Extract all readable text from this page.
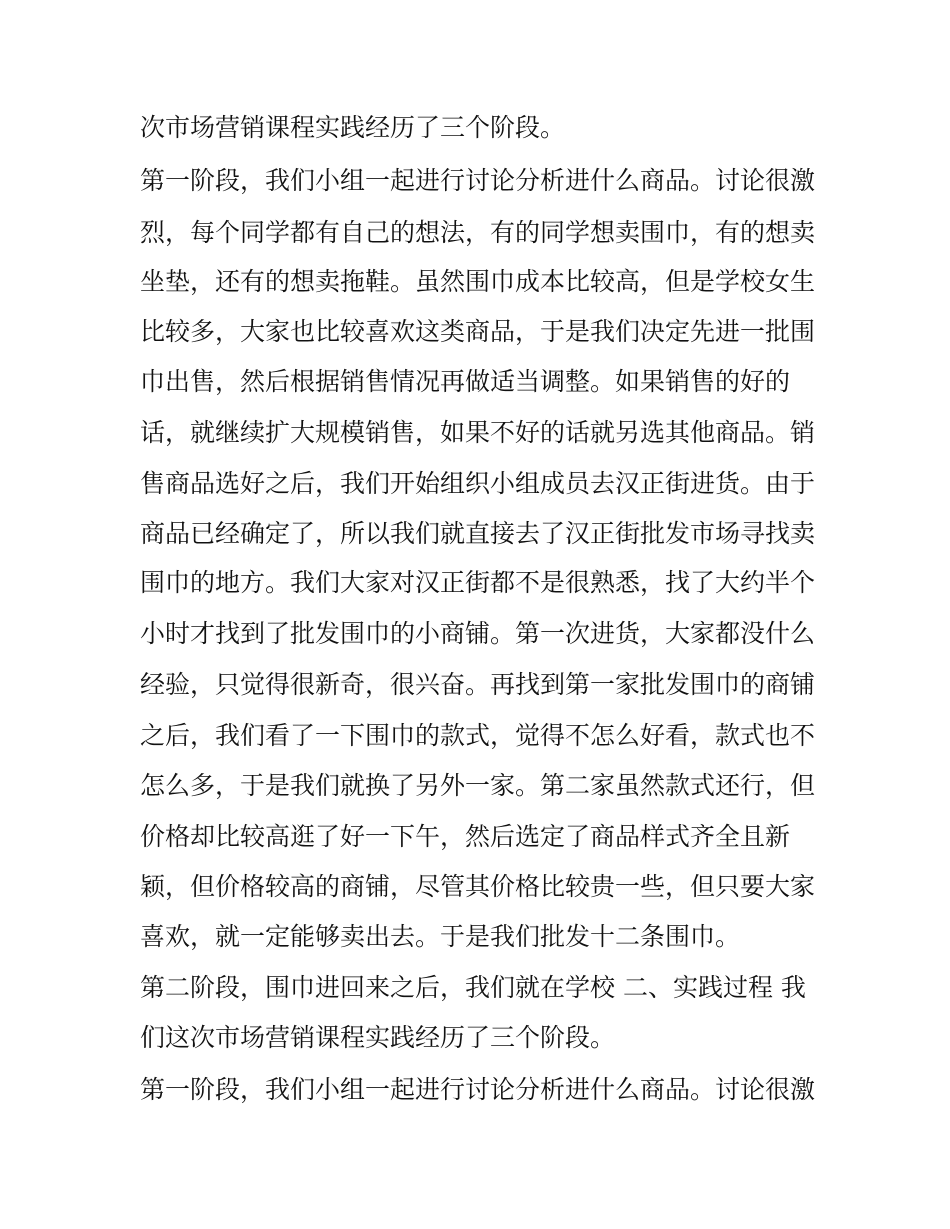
次市场营销课程实践经历了三个阶段。
第一阶段，我们小组一起进行讨论分析进什么商品。讨论很激
烈，每个同学都有自己的想法，有的同学想卖围巾，有的想卖
坐垫，还有的想卖拖鞋。虽然围巾成本比较高，但是学校女生
比较多，大家也比较喜欢这类商品，于是我们决定先进一批围
巾出售，然后根据销售情况再做适当调整。如果销售的好的
话，就继续扩大规模销售，如果不好的话就另选其他商品。销
售商品选好之后，我们开始组织小组成员去汉正街进货。由于
商品已经确定了，所以我们就直接去了汉正街批发市场寻找卖
围巾的地方。我们大家对汉正街都不是很熟悉，找了大约半个
小时才找到了批发围巾的小商铺。第一次进货，大家都没什么
经验，只觉得很新奇，很兴奋。再找到第一家批发围巾的商铺
之后，我们看了一下围巾的款式，觉得不怎么好看，款式也不
怎么多，于是我们就换了另外一家。第二家虽然款式还行，但
价格却比较高逛了好一下午，然后选定了商品样式齐全且新
颖，但价格较高的商铺，尽管其价格比较贵一些，但只要大家
喜欢，就一定能够卖出去。于是我们批发十二条围巾。
第二阶段，围巾进回来之后，我们就在学校 二、实践过程 我
们这次市场营销课程实践经历了三个阶段。
第一阶段，我们小组一起进行讨论分析进什么商品。讨论很激
